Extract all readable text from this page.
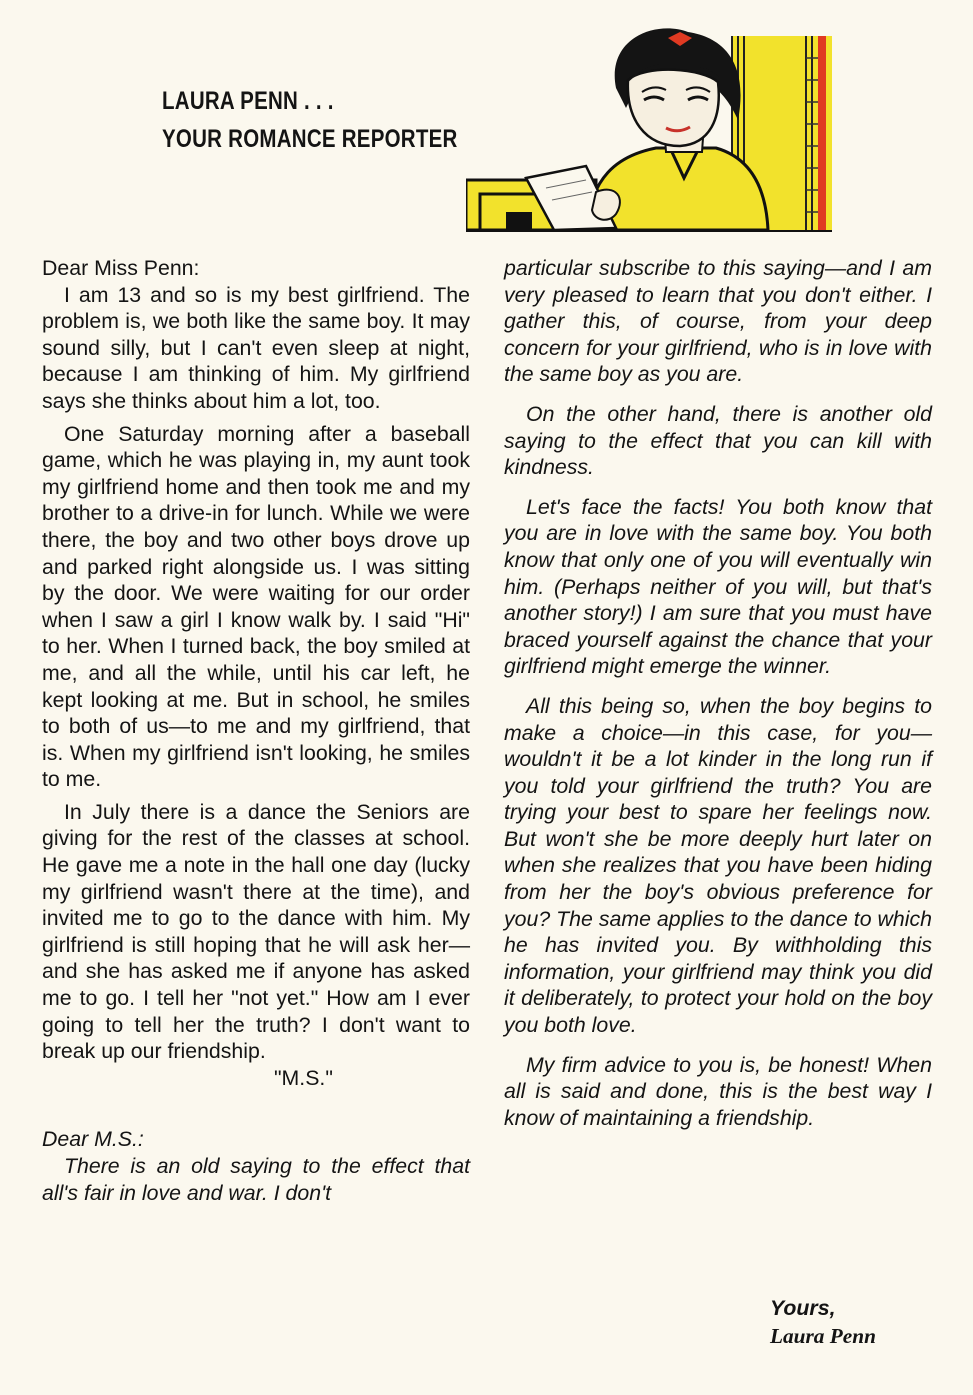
LAURA PENN . . .
YOUR ROMANCE REPORTER

Dear Miss Penn:

I am 13 and so is my best girlfriend. The problem is, we both like the same boy. It may sound silly, but I can't even sleep at night, because I am thinking of him. My girlfriend says she thinks about him a lot, too.

One Saturday morning after a baseball game, which he was playing in, my aunt took my girlfriend home and then took me and my brother to a drive-in for lunch. While we were there, the boy and two other boys drove up and parked right alongside us. I was sitting by the door. We were waiting for our order when I saw a girl I know walk by. I said "Hi" to her. When I turned back, the boy smiled at me, and all the while, until his car left, he kept looking at me. But in school, he smiles to both of us—to me and my girlfriend, that is. When my girlfriend isn't looking, he smiles to me.

In July there is a dance the Seniors are giving for the rest of the classes at school. He gave me a note in the hall one day (lucky my girlfriend wasn't there at the time), and invited me to go to the dance with him. My girlfriend is still hoping that he will ask her—and she has asked me if anyone has asked me to go. I tell her "not yet." How am I ever going to tell her the truth? I don't want to break up our friendship.

"M.S."

Dear M.S.:

There is an old saying to the effect that all's fair in love and war. I don't

particular subscribe to this saying—and I am very pleased to learn that you don't either. I gather this, of course, from your deep concern for your girlfriend, who is in love with the same boy as you are.

On the other hand, there is another old saying to the effect that you can kill with kindness.

Let's face the facts! You both know that you are in love with the same boy. You both know that only one of you will eventually win him. (Perhaps neither of you will, but that's another story!) I am sure that you must have braced yourself against the chance that your girlfriend might emerge the winner.

All this being so, when the boy begins to make a choice—in this case, for you—wouldn't it be a lot kinder in the long run if you told your girlfriend the truth? You are trying your best to spare her feelings now. But won't she be more deeply hurt later on when she realizes that you have been hiding from her the boy's obvious preference for you? The same applies to the dance to which he has invited you. By withholding this information, your girlfriend may think you did it deliberately, to protect your hold on the boy you both love.

My firm advice to you is, be honest! When all is said and done, this is the best way I know of maintaining a friendship.

Yours,
Laura Penn
